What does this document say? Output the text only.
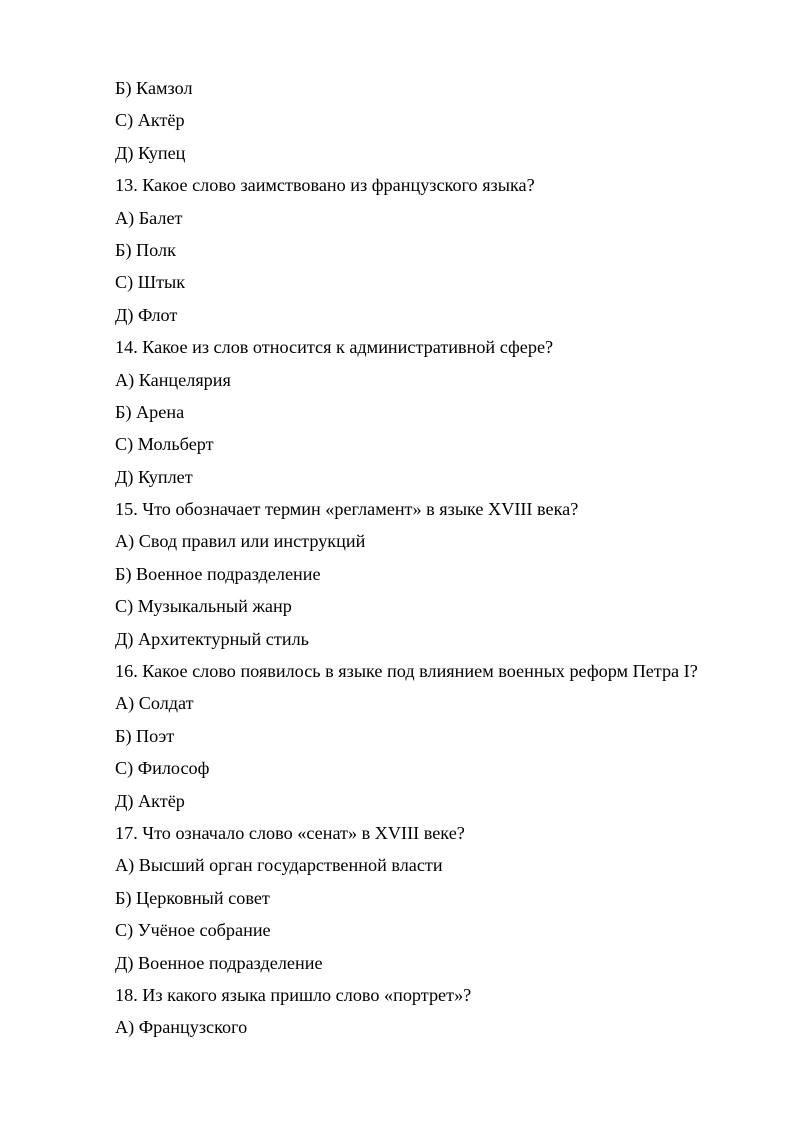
Б) Камзол
С) Актёр
Д) Купец
13. Какое слово заимствовано из французского языка?
А) Балет
Б) Полк
С) Штык
Д) Флот
14. Какое из слов относится к административной сфере?
А) Канцелярия
Б) Арена
С) Мольберт
Д) Куплет
15. Что обозначает термин «регламент» в языке XVIII века?
А) Свод правил или инструкций
Б) Военное подразделение
С) Музыкальный жанр
Д) Архитектурный стиль
16. Какое слово появилось в языке под влиянием военных реформ Петра I?
А) Солдат
Б) Поэт
С) Философ
Д) Актёр
17. Что означало слово «сенат» в XVIII веке?
А) Высший орган государственной власти
Б) Церковный совет
С) Учёное собрание
Д) Военное подразделение
18. Из какого языка пришло слово «портрет»?
А) Французского
